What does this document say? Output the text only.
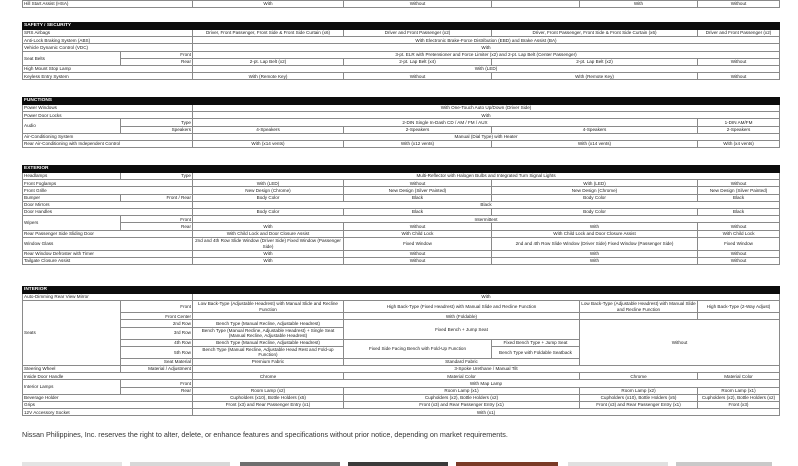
Hill Start Assist (HSA)	With	Without		With	Without
SAFETY / SECURITY					
SRS Airbags		Driver, Front Passenger, Front Side & Front Side Curtain (x6)	Driver and Front Passenger (x2)	Driver, Front Passenger, Front Side & Front Side Curtain (x6)	Driver and Front Passenger (x2)
Anti-Lock Braking System (ABS)		With Electronic Brake-Force Distribution (EBD) and Brake Assist (BA)			
Vehicle Dynamic Control (VDC)		With			
Seat Belts	Front	3-pt. ELR with Pretensioner and Force Limiter (x2) and 2-pt. Lap Belt (Center Passenger)			
	Rear	2-pt. Lap Belt (x2)	2-pt. Lap Belt (x4)	2-pt. Lap Belt (x2)	Without
High Mount Stop Lamp		With (LED)			
Keyless Entry System		With (Remote Key)	Without	With (Remote Key)	Without
FUNCTIONS					
Power Windows		With One-Touch Auto Up/Down (Driver Side)			
Power Door Locks		With			
Audio	Type	2-DIN Single In-Dash CD / AM / FM / AUX			1-DIN AM/FM
	Speakers	4-Speakers	2-Speakers	4-Speakers	2-Speakers
Air-Conditioning System		Manual (Dial Type) with Heater			
Rear Air-Conditioning with Independent Control		With (x14 vents)	With (x12 vents)	With (x14 vents)	With (x4 vents)
EXTERIOR					
Headlamps	Type	Multi-Reflector with Halogen Bulbs and Integrated Turn Signal Lights			
Front Foglamps		With (LED)	Without	With (LED)	Without
Front Grille		New Design (Chrome)	New Design (Silver Painted)	New Design (Chrome)	New Design (Silver Painted)
Bumper	Front / Rear	Body Color	Black	Body Color	Black
Door Mirrors		Black			
Door Handles		Body Color	Black	Body Color	Black
Wipers	Front	Intermittent			
	Rear	With	Without	With	Without
Rear Passenger Side Sliding Door		With Child Lock and Door Closure Assist	With Child Lock	With Child Lock and Door Closure Assist	With Child Lock
Window Glass		2nd and 4th Row Slide Window (Driver Side) Fixed Window (Passenger Side)	Fixed Window	2nd and 4th Row Slide Window (Driver Side) Fixed Window (Passenger Side)	Fixed Window
Rear Window Defroster with Timer		With	Without	With	Without
Tailgate Closure Assist		With	Without	With	Without
INTERIOR						
Auto-Dimming Rear View Mirror		With				
Seats	Front	Low Back-Type (Adjustable Headrest) with Manual Slide and Recline Function	High Back-Type (Fixed Headrest) with Manual Slide and Recline Function		Low Back-Type (Adjustable Headrest) with Manual Slide and Recline Function	High Back-Type (2-Way Adjust)
	Front Center		With (Foldable)			
	2nd Row	Bench Type (Manual Recline, Adjustable Headrest)	Fixed Bench + Jump Seat		Without	
	3rd Row	Bench Type (Manual Recline, Adjustable Headrest) + Single Seat (Manual Recline, Adjustable Headrest)				
	4th Row	Bench Type (Manual Recline, Adjustable Headrest)	Fixed Side Facing Bench with Fold-Up Function	Fixed Bench Type + Jump Seat		
	5th Row	Bench Type (Manual Recline, Adjustable Head Rest and Fold-up Function)		Bench Type with Foldable Seatback		
	Seat Material	Premium Fabric	Standard Fabric			
Steering Wheel	Material / Adjustment	3-Spoke Urethane / Manual Tilt				
Inside Door Handle		Chrome	Material Color		Chrome	Material Color
Interior Lamps	Front	With Map Lamp				
	Rear	Room Lamp (x2)	Room Lamp (x1)		Room Lamp (x2)	Room Lamp (x1)
Beverage Holder		Cupholders (x10), Bottle Holders (x5)	Cupholders (x2), Bottle Holders (x2)		Cupholders (x10), Bottle Holders (x5)	Cupholders (x2), Bottle Holders (x2)
Grips		Front (x3) and Rear Passenger Entry (x1)	Front (x3) and Rear Passenger Entry (x1)		Front (x3) and Rear Passenger Entry (x1)	Front (x3)
12V Accessory Socket		With (x1)				
Nissan Philippines, Inc. reserves the right to alter, delete, or enhance features and specifications without prior notice, depending on market requirements.
